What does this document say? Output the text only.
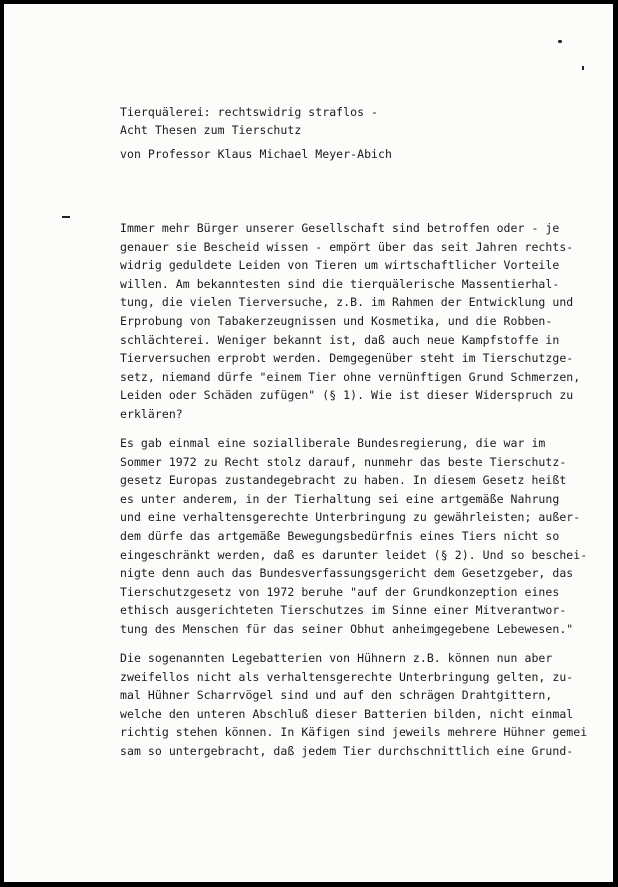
Tierquälerei: rechtswidrig straflos -
Acht Thesen zum Tierschutz
von Professor Klaus Michael Meyer-Abich
Immer mehr Bürger unserer Gesellschaft sind betroffen oder - je
genauer sie Bescheid wissen - empört über das seit Jahren rechts-
widrig geduldete Leiden von Tieren um wirtschaftlicher Vorteile
willen. Am bekanntesten sind die tierquälerische Massentierhal-
tung, die vielen Tierversuche, z.B. im Rahmen der Entwicklung und
Erprobung von Tabakerzeugnissen und Kosmetika, und die Robben-
schlächterei. Weniger bekannt ist, daß auch neue Kampfstoffe in
Tierversuchen erprobt werden. Demgegenüber steht im Tierschutzge-
setz, niemand dürfe "einem Tier ohne vernünftigen Grund Schmerzen,
Leiden oder Schäden zufügen" (§ 1). Wie ist dieser Widerspruch zu
erklären?
Es gab einmal eine sozialliberale Bundesregierung, die war im
Sommer 1972 zu Recht stolz darauf, nunmehr das beste Tierschutz-
gesetz Europas zustandegebracht zu haben. In diesem Gesetz heißt
es unter anderem, in der Tierhaltung sei eine artgemäße Nahrung
und eine verhaltensgerechte Unterbringung zu gewährleisten; außer-
dem dürfe das artgemäße Bewegungsbedürfnis eines Tiers nicht so
eingeschränkt werden, daß es darunter leidet (§ 2). Und so beschei-
nigte denn auch das Bundesverfassungsgericht dem Gesetzgeber, das
Tierschutzgesetz von 1972 beruhe "auf der Grundkonzeption eines
ethisch ausgerichteten Tierschutzes im Sinne einer Mitverantwor-
tung des Menschen für das seiner Obhut anheimgegebene Lebewesen."
Die sogenannten Legebatterien von Hühnern z.B. können nun aber
zweifellos nicht als verhaltensgerechte Unterbringung gelten, zu-
mal Hühner Scharrvögel sind und auf den schrägen Drahtgittern,
welche den unteren Abschluß dieser Batterien bilden, nicht einmal
richtig stehen können. In Käfigen sind jeweils mehrere Hühner gemei
sam so untergebracht, daß jedem Tier durchschnittlich eine Grund-
